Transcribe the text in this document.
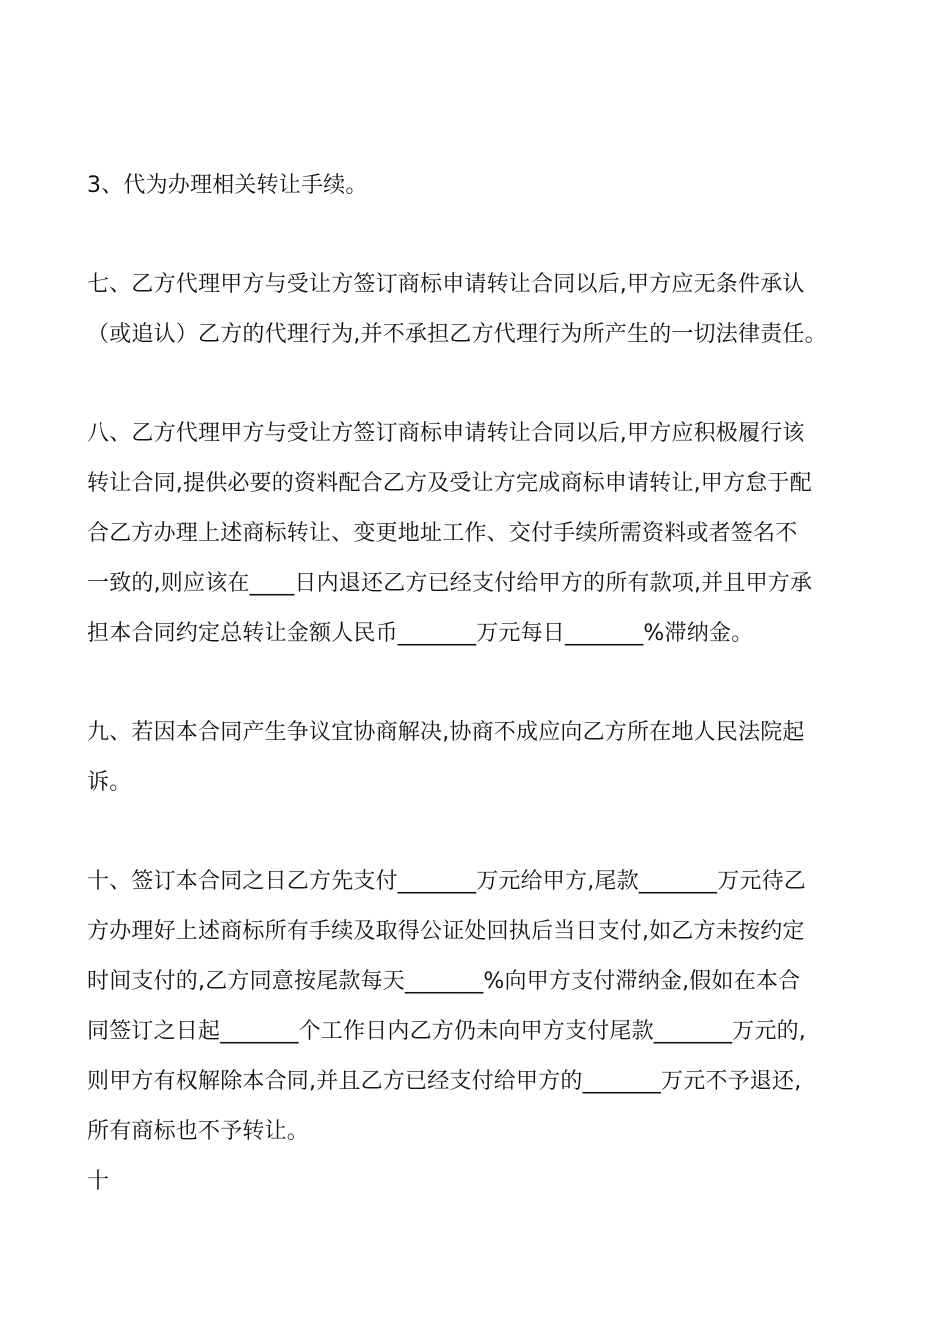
3、代为办理相关转让手续。
七、乙方代理甲方与受让方签订商标申请转让合同以后,甲方应无条件承认
（或追认）乙方的代理行为,并不承担乙方代理行为所产生的一切法律责任。
八、乙方代理甲方与受让方签订商标申请转让合同以后,甲方应积极履行该
转让合同,提供必要的资料配合乙方及受让方完成商标申请转让,甲方怠于配
合乙方办理上述商标转让、变更地址工作、交付手续所需资料或者签名不
一致的,则应该在____日内退还乙方已经支付给甲方的所有款项,并且甲方承
担本合同约定总转让金额人民币_______万元每日_______%滞纳金。
九、若因本合同产生争议宜协商解决,协商不成应向乙方所在地人民法院起
诉。
十、签订本合同之日乙方先支付_______万元给甲方,尾款_______万元待乙
方办理好上述商标所有手续及取得公证处回执后当日支付,如乙方未按约定
时间支付的,乙方同意按尾款每天_______%向甲方支付滞纳金,假如在本合
同签订之日起_______个工作日内乙方仍未向甲方支付尾款_______万元的,
则甲方有权解除本合同,并且乙方已经支付给甲方的_______万元不予退还,
所有商标也不予转让。
十
